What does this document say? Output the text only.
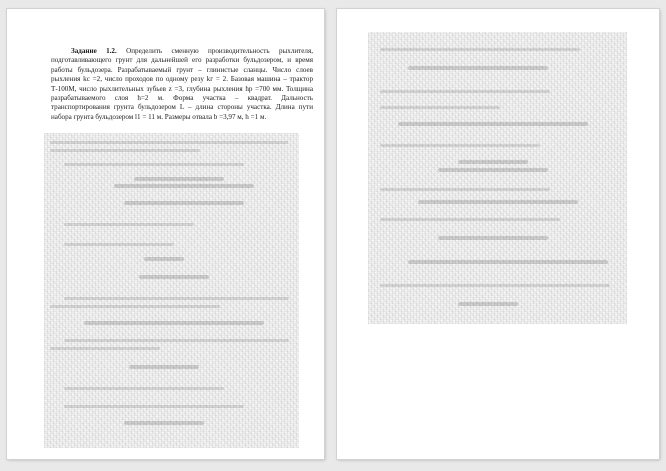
Задание 1.2. Определить сменную производительность рыхлителя, подготавливающего грунт для дальнейшей его разработки бульдозером, и время работы бульдозера. Разрабатываемый грунт – глинистые сланцы. Число слоев рыхления kс =2, число проходов по одному резу kг = 2. Базовая машина – трактор Т-100М, число рыхлительных зубьев z =3, глубина рыхления hр =700 мм. Толщина разрабатываемого слоя h=2 м. Форма участка – квадрат. Дальность транспортирования грунта бульдозером L – длина стороны участка. Длина пути набора грунта бульдозером l1 = 11 м. Размеры отвала b =3,97 м, h =1 м.
